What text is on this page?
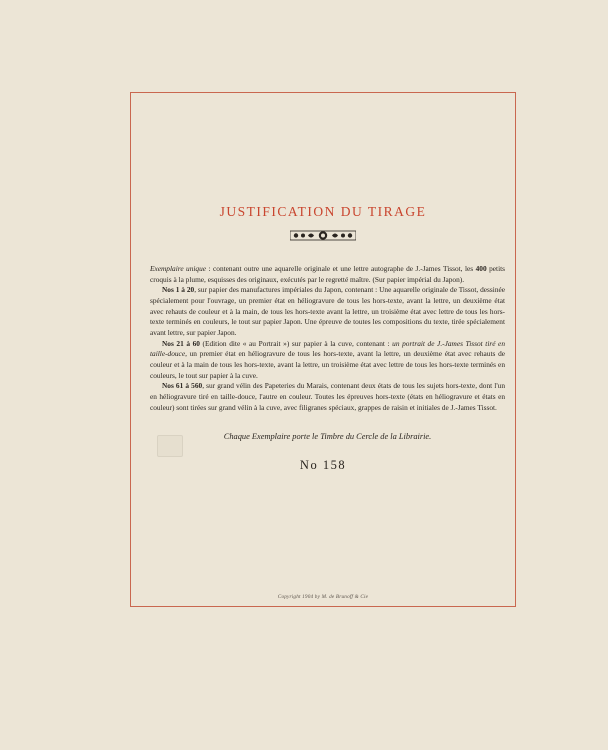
JUSTIFICATION DU TIRAGE

Exemplaire unique : contenant outre une aquarelle originale et une lettre autographe de J.-James Tissot, les 400 petits croquis à la plume, esquisses des originaux, exécutés par le regretté maître. (Sur papier impérial du Japon).

Nos 1 à 20, sur papier des manufactures impériales du Japon, contenant : Une aquarelle originale de Tissot, dessinée spécialement pour l'ouvrage, un premier état en héliogravure de tous les hors-texte, avant la lettre, un deuxième état avec rehauts de couleur et à la main, de tous les hors-texte avant la lettre, un troisième état avec lettre de tous les hors-texte terminés en couleurs, le tout sur papier Japon. Une épreuve de toutes les compositions du texte, tirée spécialement avant lettre, sur papier Japon.

Nos 21 à 60 (Edition dite « au Portrait ») sur papier à la cuve, contenant : un portrait de J.-James Tissot tiré en taille-douce, un premier état en héliogravure de tous les hors-texte, avant la lettre, un deuxième état avec rehauts de couleur et à la main de tous les hors-texte, avant la lettre, un troisième état avec lettre de tous les hors-texte terminés en couleurs, le tout sur papier à la cuve.

Nos 61 à 560, sur grand vélin des Papeteries du Marais, contenant deux états de tous les sujets hors-texte, dont l'un en héliogravure tiré en taille-douce, l'autre en couleur. Toutes les épreuves hors-texte (états en héliogravure et états en couleur) sont tirées sur grand vélin à la cuve, avec filigranes spéciaux, grappes de raisin et initiales de J.-James Tissot.

Chaque Exemplaire porte le Timbre du Cercle de la Librairie.
No 158
Copyright 1904 by M. de Brunoff & Cie
